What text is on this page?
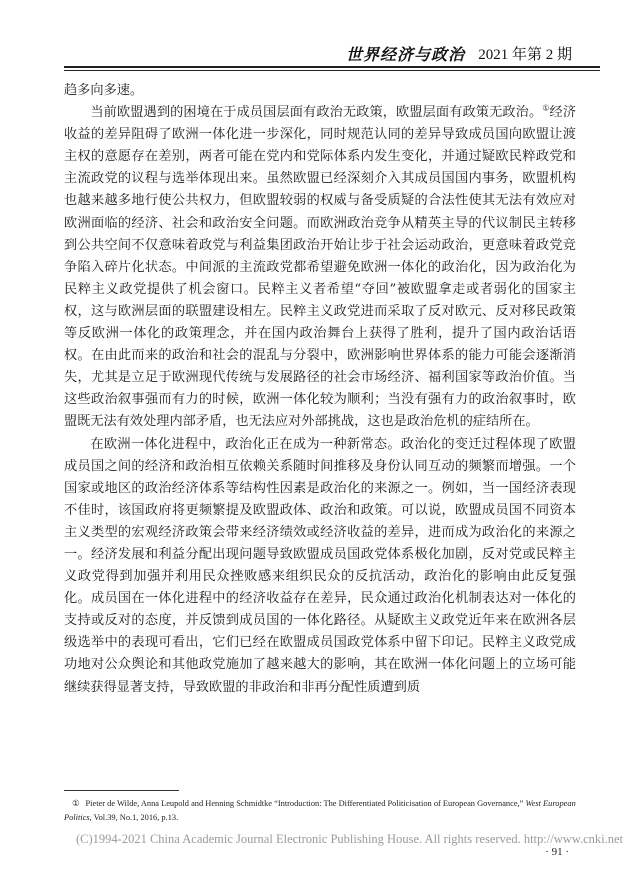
世界经济与政治 2021 年第 2 期

趋多向多速。

当前欧盟遇到的困境在于成员国层面有政治无政策，欧盟层面有政策无政治。①经济收益的差异阻碍了欧洲一体化进一步深化，同时规范认同的差异导致成员国向欧盟让渡主权的意愿存在差别，两者可能在党内和党际体系内发生变化，并通过疑欧民粹政党和主流政党的议程与选举体现出来。虽然欧盟已经深刻介入其成员国国内事务，欧盟机构也越来越多地行使公共权力，但欧盟较弱的权威与备受质疑的合法性使其无法有效应对欧洲面临的经济、社会和政治安全问题。而欧洲政治竞争从精英主导的代议制民主转移到公共空间不仅意味着政党与利益集团政治开始让步于社会运动政治，更意味着政党竞争陷入碎片化状态。中间派的主流政党都希望避免欧洲一体化的政治化，因为政治化为民粹主义政党提供了机会窗口。民粹主义者希望“夺回”被欧盟拿走或者弱化的国家主权，这与欧洲层面的联盟建设相左。民粹主义政党进而采取了反对欧元、反对移民政策等反欧洲一体化的政策理念，并在国内政治舞台上获得了胜利，提升了国内政治话语权。在由此而来的政治和社会的混乱与分裂中，欧洲影响世界体系的能力可能会逐渐消失，尤其是立足于欧洲现代传统与发展路径的社会市场经济、福利国家等政治价值。当这些政治叙事强而有力的时候，欧洲一体化较为顺利；当没有强有力的政治叙事时，欧盟既无法有效处理内部矛盾，也无法应对外部挑战，这也是政治危机的症结所在。

在欧洲一体化进程中，政治化正在成为一种新常态。政治化的变迁过程体现了欧盟成员国之间的经济和政治相互依赖关系随时间推移及身份认同互动的频繁而增强。一个国家或地区的政治经济体系等结构性因素是政治化的来源之一。例如，当一国经济表现不佳时，该国政府将更频繁提及欧盟政体、政治和政策。可以说，欧盟成员国不同资本主义类型的宏观经济政策会带来经济绩效或经济收益的差异，进而成为政治化的来源之一。经济发展和利益分配出现问题导致欧盟成员国政党体系极化加剧，反对党或民粹主义政党得到加强并利用民众挫败感来组织民众的反抗活动，政治化的影响由此反复强化。成员国在一体化进程中的经济收益存在差异，民众通过政治化机制表达对一体化的支持或反对的态度，并反馈到成员国的一体化路径。从疑欧主义政党近年来在欧洲各层级选举中的表现可看出，它们已经在欧盟成员国政党体系中留下印记。民粹主义政党成功地对公众舆论和其他政党施加了越来越大的影响，其在欧洲一体化问题上的立场可能继续获得显著支持，导致欧盟的非政治和非再分配性质遭到质

① Pieter de Wilde, Anna Leupold and Henning Schmidtke “Introduction: The Differentiated Politicisation of European Governance,” West European Politics, Vol.39, No.1, 2016, p.13.
(C)1994-2021 China Academic Journal Electronic Publishing House. All rights reserved. http://www.cnki.net
· 91 ·
